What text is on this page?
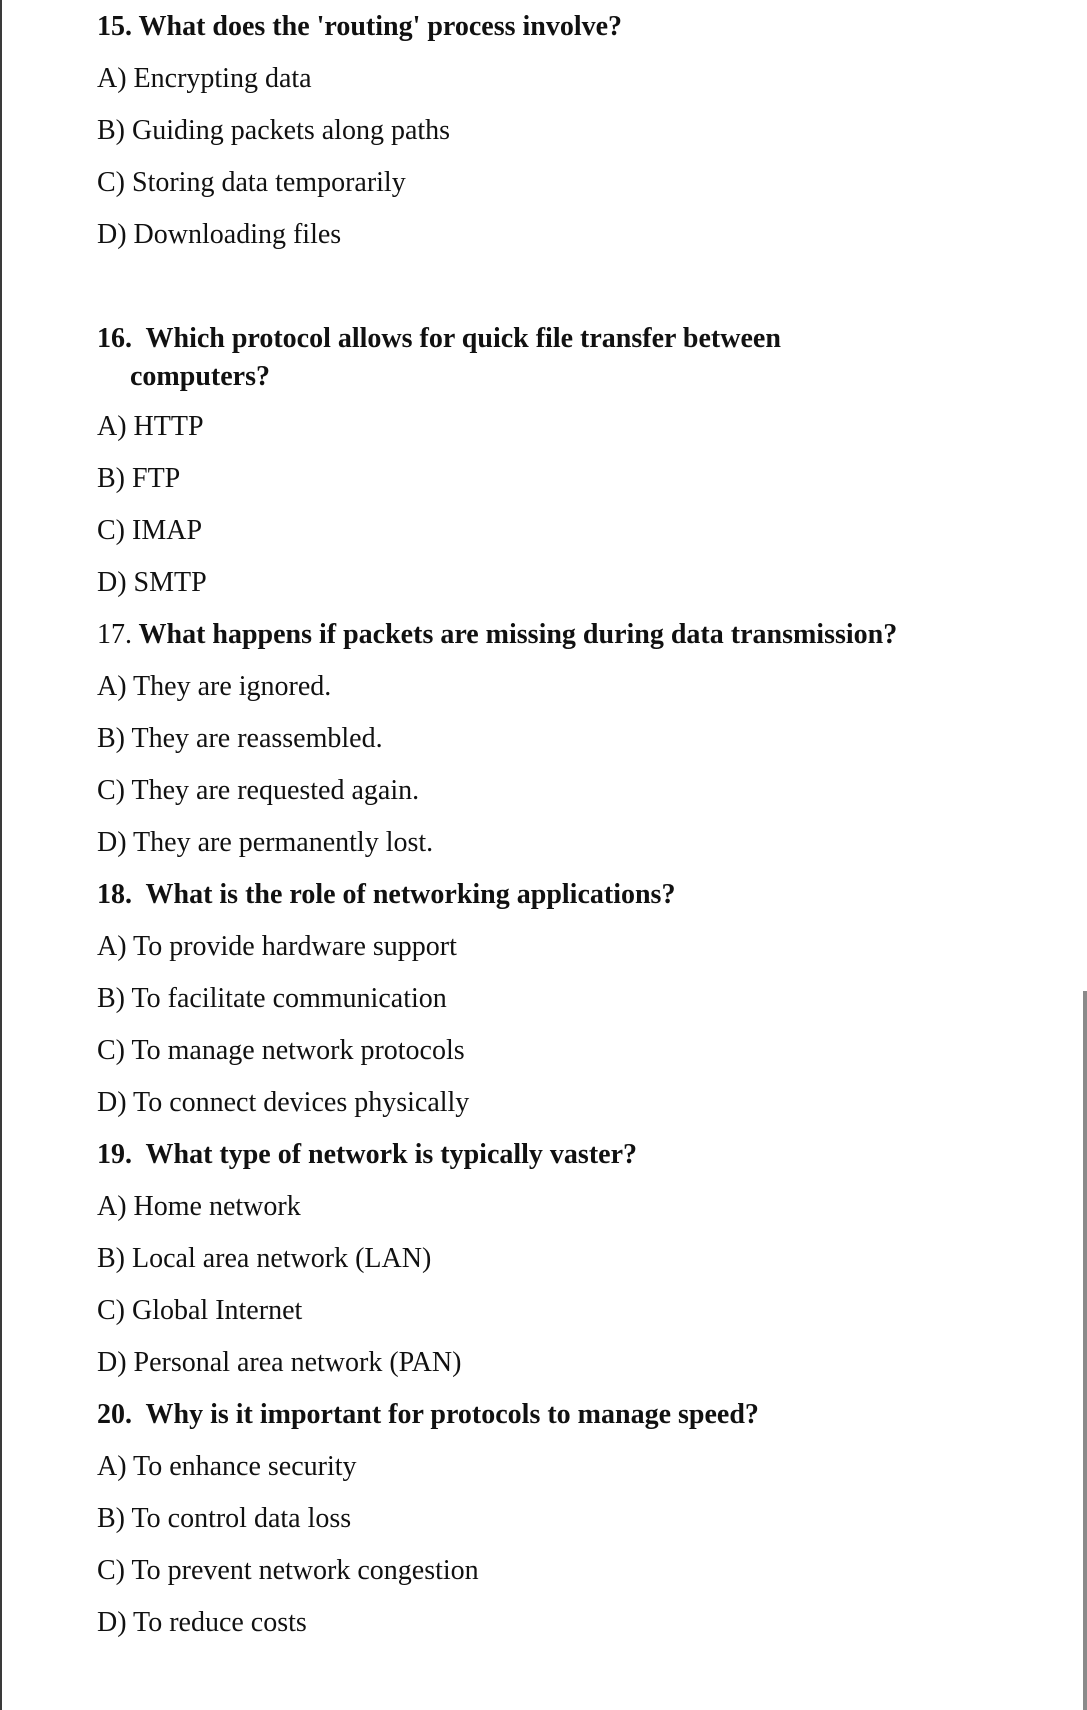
15. What does the 'routing' process involve?
A) Encrypting data
B) Guiding packets along paths
C) Storing data temporarily
D) Downloading files
16. Which protocol allows for quick file transfer between
computers?
A) HTTP
B) FTP
C) IMAP
D) SMTP
17. What happens if packets are missing during data transmission?
A) They are ignored.
B) They are reassembled.
C) They are requested again.
D) They are permanently lost.
18. What is the role of networking applications?
A) To provide hardware support
B) To facilitate communication
C) To manage network protocols
D) To connect devices physically
19. What type of network is typically vaster?
A) Home network
B) Local area network (LAN)
C) Global Internet
D) Personal area network (PAN)
20. Why is it important for protocols to manage speed?
A) To enhance security
B) To control data loss
C) To prevent network congestion
D) To reduce costs
